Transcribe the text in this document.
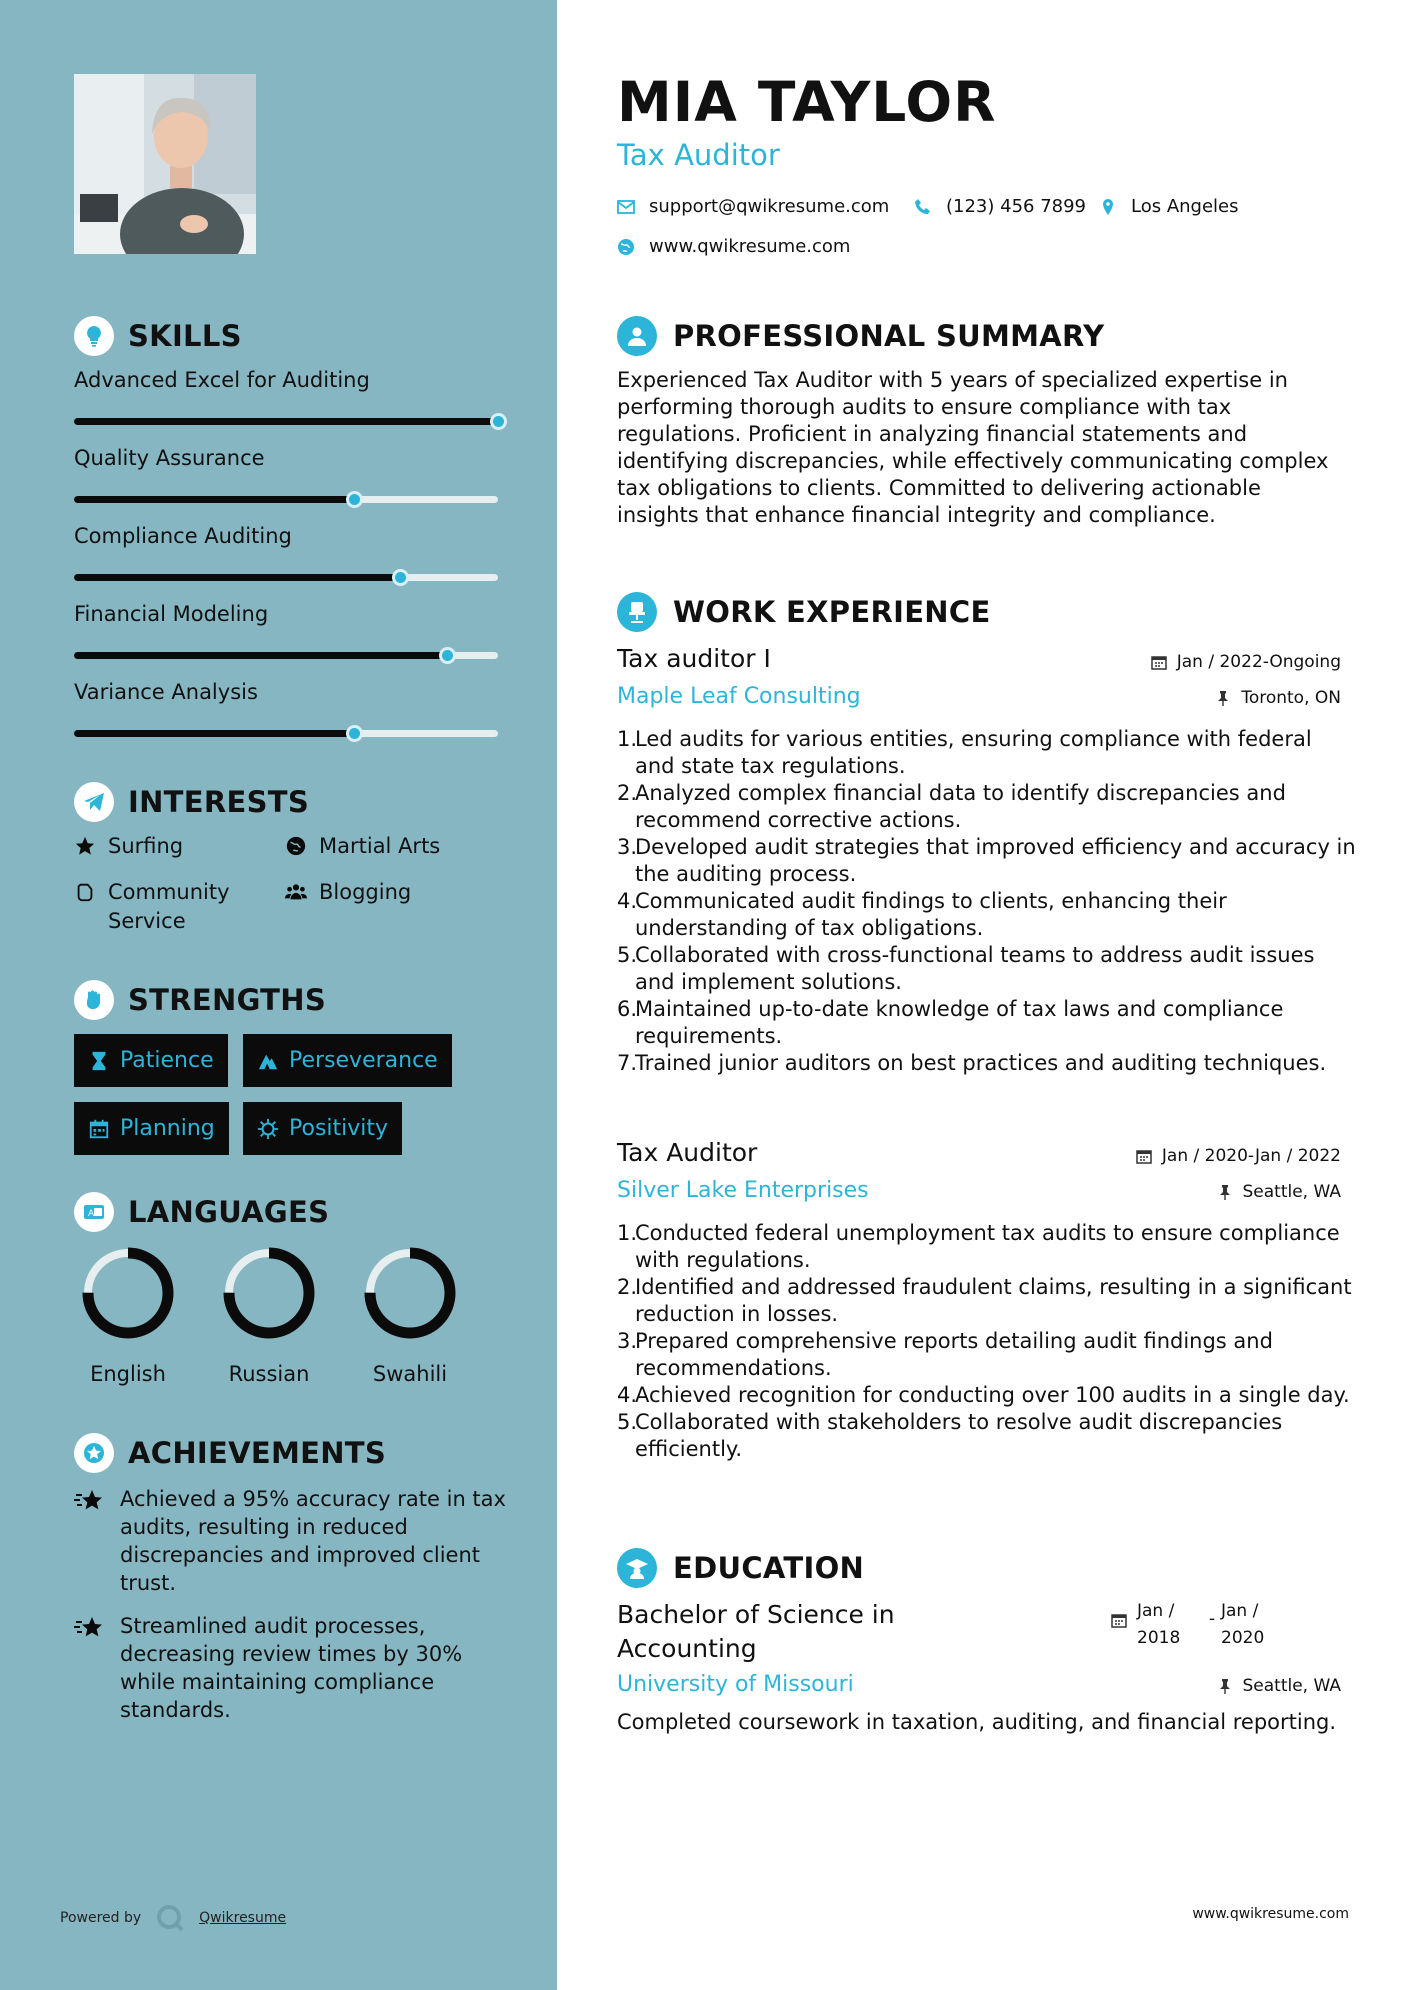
SKILLS
Advanced Excel for Auditing
Quality Assurance
Compliance Auditing
Financial Modeling
Variance Analysis
INTERESTS
Surfing	Martial Arts
Community
Service
Blogging
STRENGTHS
Patience	Perseverance
Planning	Positivity
A LANGUAGES
English	Russian	Swahili
ACHIEVEMENTS

Achieved a 95% accuracy rate in tax audits, resulting in reduced discrepancies and improved client trust.

Streamlined audit processes, decreasing review times by 30% while maintaining compliance standards.

Powered by	Qwikresume
MIA TAYLOR
Tax Auditor
support@qwikresume.com	(123) 456 7899 Los Angeles
www.qwikresume.com
PROFESSIONAL SUMMARY

Experienced Tax Auditor with 5 years of specialized expertise in performing thorough audits to ensure compliance with tax regulations. Proficient in analyzing financial statements and identifying discrepancies, while effectively communicating complex tax obligations to clients. Committed to delivering actionable insights that enhance financial integrity and compliance.

WORK EXPERIENCE
Tax auditor I	Jan / 2022-Ongoing
Maple Leaf Consulting	Toronto, ON
1.Led audits for various entities, ensuring compliance with federal and state tax regulations.
2.Analyzed complex financial data to identify discrepancies and recommend corrective actions.
3.Developed audit strategies that improved efficiency and accuracy in the auditing process.
4.Communicated audit findings to clients, enhancing their understanding of tax obligations.
5.Collaborated with cross-functional teams to address audit issues and implement solutions.
6.Maintained up-to-date knowledge of tax laws and compliance requirements.
7.Trained junior auditors on best practices and auditing techniques.
Tax Auditor	Jan / 2020-Jan / 2022
Silver Lake Enterprises	Seattle, WA
1.Conducted federal unemployment tax audits to ensure compliance with regulations.
2.Identified and addressed fraudulent claims, resulting in a significant reduction in losses.
3.Prepared comprehensive reports detailing audit findings and recommendations.
4.Achieved recognition for conducting over 100 audits in a single day.
5.Collaborated with stakeholders to resolve audit discrepancies efficiently.
EDUCATION
Bachelor of Science in Accounting
Jan /
2018
- Jan /
2020
University of Missouri	Seattle, WA

Completed coursework in taxation, auditing, and financial reporting.

www.qwikresume.com
